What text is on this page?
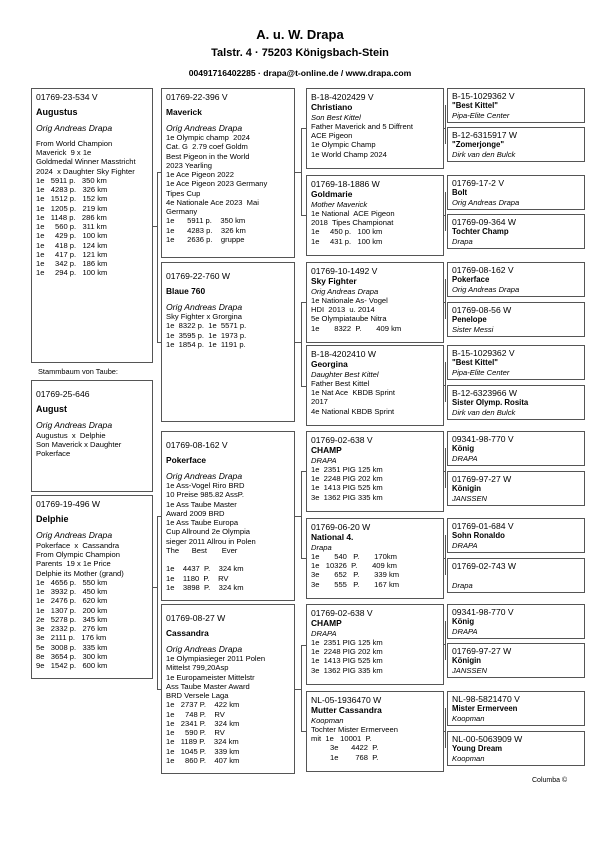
A. u. W. Drapa
Talstr. 4 · 75203 Königsbach-Stein
00491716402285 · drapa@t-online.de / www.drapa.com
01769-23-534 V
Augustus
Orig Andreas Drapa
From World Champion
Maverick  9 x 1e
Goldmedal Winner Masstricht
2024  x Daughter Sky Fighter
1e   5911 p.   350 km
1e   4283 p.   326 km
1e   1512 p.   152 km
1e   1205 p.   219 km
1e   1148 p.   286 km
1e     560 p.   311 km
1e     429 p.   100 km
1e     418 p.   124 km
1e     417 p.   121 km
1e     342 p.   186 km
1e     294 p.   100 km
Stammbaum von Taube:
01769-25-646
August
Orig Andreas Drapa
Augustus  x  Delphie
Son Maverick x Daughter
Pokerface
01769-19-496 W
Delphie
Orig Andreas Drapa
Pokerface  x  Cassandra
From Olympic Champion
Parents  19 x 1e Price
Delphie its Mother (grand)
1e   4656 p.   550 km
1e   3932 p.   450 km
1e   2476 p.   620 km
1e   1307 p.   200 km
2e   5278 p.   345 km
3e   2332 p.   276 km
3e   2111 p.   176 km
5e   3008 p.   335 km
8e   3654 p.   300 km
9e   1542 p.   600 km
01769-22-396 V
Maverick
Orig Andreas Drapa
1e Olympic champ  2024
Cat. G  2.79 coef Goldm
Best Pigeon in the World
2023 Yearling
1e Ace Pigeon 2022
1e Ace Pigeon 2023 Germany
Tipes Cup
4e Nationale Ace 2023  Mai
Germany
1e      5911 p.    350 km
1e      4283 p.    326 km
1e      2636 p.    gruppe
01769-22-760 W
Blaue 760
Orig Andreas Drapa
Sky Fighter x Grorgina
1e  8322 p.  1e  5571 p.
1e  3595 p.  1e  1973 p.
1e  1854 p.  1e  1191 p.
01769-08-162 V
Pokerface
Orig Andreas Drapa
1e Ass-Vogel Riro BRD
10 Preise 985.82 AssP.
1e Ass Taube Master
Award 2009 BRD
1e Ass Taube Europa
Cup Allround 2e Olympia
sieger 2011 Allrou in Polen
The      Best       Ever

1e    4437  P.    324 km
1e    1180  P.    RV
1e    3898  P.    324 km
01769-08-27 W
Cassandra
Orig Andreas Drapa
1e Olympiasieger 2011 Polen
Mittelst 799,20Asp
1e Europameister Mittelstr
Ass Taube Master Award
BRD Versele Laga
1e   2737 P.    422 km
1e     748 P.    RV
1e   2341 P.    324 km
1e     590 P.    RV
1e   1189 P.    324 km
1e   1045 P.    339 km
1e     860 P.    407 km
B-18-4202429 V
Christiano
Son Best Kittel
Father Maverick and 5 Diffrent
ACE Pigeon
1e Olympic Champ
1e World Champ 2024
01769-18-1886 W
Goldmarie
Mother Maverick
1e National  ACE Pigeon
2018  Tipes Championat
1e     450 p.   100 km
1e     431 p.   100 km
01769-10-1492 V
Sky Fighter
Orig Andreas Drapa
1e Nationale As- Vogel
HDI  2013  u. 2014
5e Olympiataube Nitra
1e       8322  P.       409 km
B-18-4202410 W
Georgina
Daughter Best Kittel
Father Best Kittel
1e Nat Ace  KBDB Sprint
2017
4e National KBDB Sprint
01769-02-638 V
CHAMP
DRAPA
1e  2351 PIG 125 km
1e  2248 PIG 202 km
1e  1413 PIG 525 km
3e  1362 PIG 335 km
01769-06-20 W
National 4.
Drapa
1e       540   P.       170km
1e   10326  P.       409 km
3e       652   P.       339 km
3e       555   P.       167 km
01769-02-638 V
CHAMP
DRAPA
1e  2351 PIG 125 km
1e  2248 PIG 202 km
1e  1413 PIG 525 km
3e  1362 PIG 335 km
NL-05-1936470 W
Mutter Cassandra
Koopman
Tochter Mister Ermerveen
mit  1e   10001  P.
3e      4422  P.
1e        768  P.
B-15-1029362 V
"Best Kittel"
Pipa-Elite Center
B-12-6315917 W
"Zomerjonge"
Dirk van den Bulck
01769-17-2 V
Bolt
Orig Andreas Drapa
01769-09-364 W
Tochter Champ
Drapa
01769-08-162 V
Pokerface
Orig Andreas Drapa
01769-08-56 W
Penelope
Sister Messi
B-15-1029362 V
"Best Kittel"
Pipa-Elite Center
B-12-6323966 W
Sister Olymp. Rosita
Dirk van den Bulck
09341-98-770 V
König
DRAPA
01769-97-27 W
Königin
JANSSEN
01769-01-684 V
Sohn Ronaldo
DRAPA
01769-02-743 W

Drapa
09341-98-770 V
König
DRAPA
01769-97-27 W
Königin
JANSSEN
NL-98-5821470 V
Mister Ermerveen
Koopman
NL-00-5063909 W
Young Dream
Koopman
Columba ©
